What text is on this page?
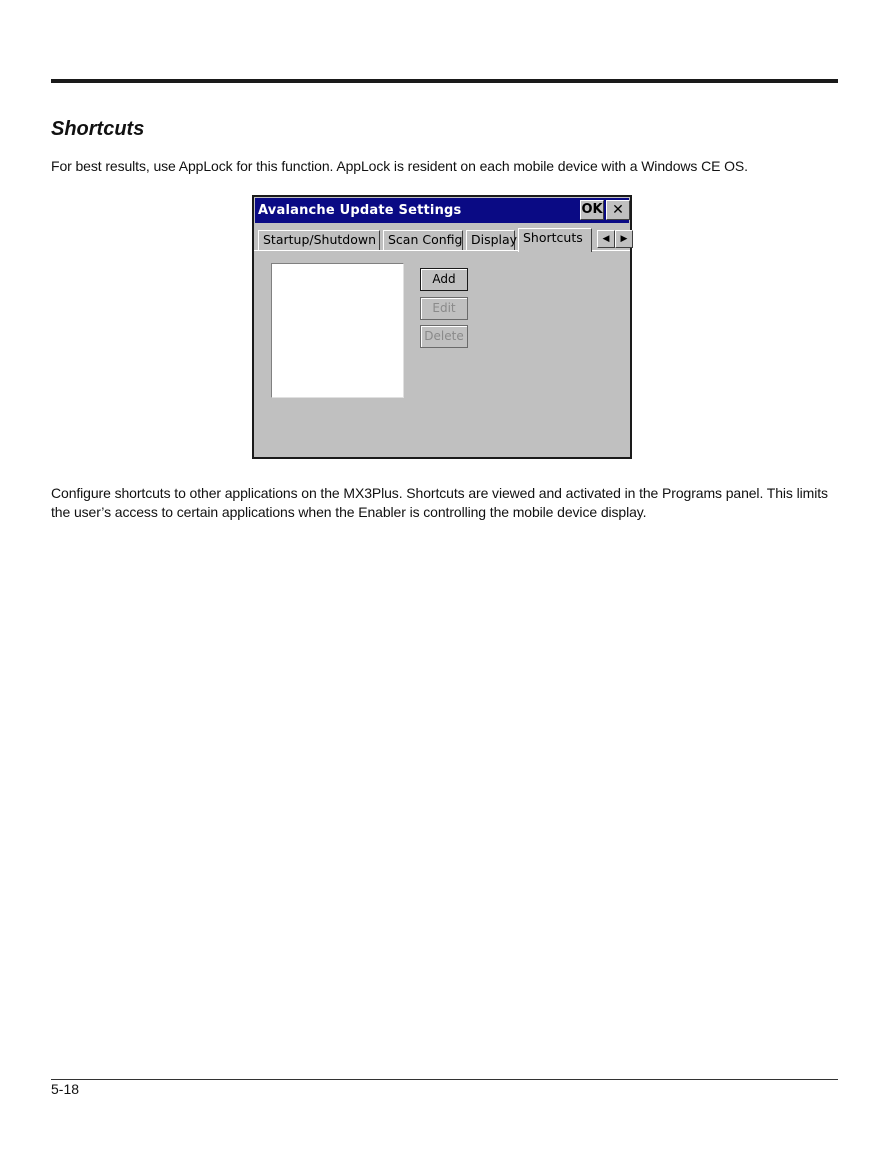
Shortcuts

For best results, use AppLock for this function. AppLock is resident on each mobile device with a Windows CE OS.

Avalanche Update Settings	OK ✕
Startup/Shutdown Scan Config Display Shortcuts	◀	▶
Add
Edit
Delete

Configure shortcuts to other applications on the MX3Plus. Shortcuts are viewed and activated in the Programs panel. This limits the user’s access to certain applications when the Enabler is controlling the mobile device display.

5-18
